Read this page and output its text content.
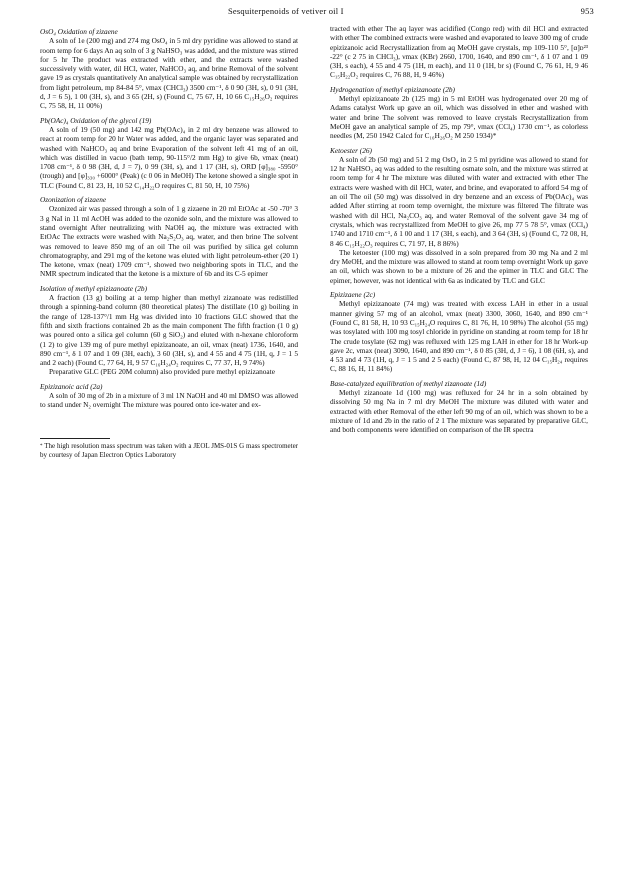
Sesquiterpenoids of vetiver oil I	953
OsO₄ Oxidation of zizaene

A soln of 1e (200 mg) and 274 mg OsO₄ in 5 ml dry pyridine was allowed to stand at room temp for 6 days An aq soln of 3 g NaHSO₃ was added, and the mixture was stirred for 5 hr The product was extracted with ether, and the extracts were washed successively with water, dil HCl, water, NaHCO₃ aq, and brine Removal of the solvent gave 19 as crystals quantitatively An analytical sample was obtained by recrystallization from light petroleum, mp 84-84 5°, νmax (CHCl₃) 3500 cm⁻¹, δ 0 90 (3H, s), 0 91 (3H, d, J = 6 5), 1 00 (3H, s), and 3 65 (2H, s) (Found C, 75 67, H, 10 66 C₁₅H₂₆O₂ requires C, 75 58, H, 11 00%)

Pb(OAc)₄ Oxidation of the glycol (19)

A soln of 19 (50 mg) and 142 mg Pb(OAc)₄ in 2 ml dry benzene was allowed to react at room temp for 20 hr Water was added, and the organic layer was separated and washed with NaHCO₃ aq and brine Evaporation of the solvent left 41 mg of an oil, which was distilled in vacuo (bath temp, 90-115°/2 mm Hg) to give 6b, νmax (neat) 1708 cm⁻¹, δ 0 98 (3H, d, J = 7), 0 99 (3H, s), and 1 17 (3H, s), ORD [φ]₃₈₀ -5950° (trough) and [φ]₃₃₀ +6000° (Peak) (c 0 06 in MeOH) The ketone showed a single spot in TLC (Found C, 81 23, H, 10 52 C₁₄H₂₂O requires C, 81 50, H, 10 75%)

Ozonization of zizaene

Ozonized air was passed through a soln of 1 g zizaene in 20 ml EtOAc at -50 -70° 3 3 g NaI in 11 ml AcOH was added to the ozonide soln, and the mixture was allowed to stand overnight After neutralizing with NaOH aq, the mixture was extracted with EtOAc The extracts were washed with Na₂S₂O₃ aq, water, and then brine The solvent was removed to leave 850 mg of an oil The oil was purified by silica gel column chromatography, and 291 mg of the ketone was eluted with light petroleum-ether (20 1) The ketone, νmax (neat) 1709 cm⁻¹, showed two neighboring spots in TLC, and the NMR spectrum indicated that the ketone is a mixture of 6b and its C-5 epimer

Isolation of methyl epizizanoate (2b)

A fraction (13 g) boiling at a temp higher than methyl zizanoate was redistilled through a spinning-band column (80 theoretical plates) The distillate (10 g) boiling in the range of 128-137°/1 mm Hg was divided into 10 fractions GLC showed that the fifth and sixth fractions contained 2b as the main component The fifth fraction (1 0 g) was poured onto a silica gel column (60 g SiO₂) and eluted with n-hexane chloroform (1 2) to give 139 mg of pure methyl epizizanoate, an oil, νmax (neat) 1736, 1640, and 890 cm⁻¹, δ 1 07 and 1 09 (3H, each), 3 60 (3H, s), and 4 55 and 4 75 (1H, q, J = 1 5 and 2 each) (Found C, 77 64, H, 9 57 C₁₆H₂₄O₂ requires C, 77 37, H, 9 74%)

Preparative GLC (PEG 20M column) also provided pure methyl epizizanoate

Epizizanoic acid (2a)

A soln of 30 mg of 2b in a mixture of 3 ml 1N NaOH and 40 ml DMSO was allowed to stand under N₂ overnight The mixture was poured onto ice-water and ex-

* The high resolution mass spectrum was taken with a JEOL JMS-01S G mass spectrometer by courtesy of Japan Electron Optics Laboratory

tracted with ether The aq layer was acidified (Congo red) with dil HCl and extracted with ether The combined extracts were washed and evaporated to leave 300 mg of crude epizizanoic acid Recrystallization from aq MeOH gave crystals, mp 109-110 5°, [α]ᴅ²³ -22° (c 2 75 in CHCl₃), νmax (KBr) 2660, 1700, 1640, and 890 cm⁻¹, δ 1 07 and 1 09 (3H, s each), 4 55 and 4 75 (1H, m each), and 11 0 (1H, br s) (Found C, 76 61, H, 9 46 C₁₅H₂₂O₂ requires C, 76 88, H, 9 46%)

Hydrogenation of methyl epizizanoate (2b)

Methyl epizizanoate 2b (125 mg) in 5 ml EtOH was hydrogenated over 20 mg of Adams catalyst Work up gave an oil, which was dissolved in ether and washed with water and brine The solvent was removed to leave crystals Recrystallization from MeOH gave an analytical sample of 25, mp 79°, νmax (CCl₄) 1730 cm⁻¹, as colorless needles (M, 250 1942 Calcd for C₁₆H₂₆O₂ M 250 1934)*

Ketoester (26)

A soln of 2b (50 mg) and 51 2 mg OsO₄ in 2 5 ml pyridine was allowed to stand for 12 hr NaHSO₃ aq was added to the resulting osmate soln, and the mixture was stirred at room temp for 4 hr The mixture was diluted with water and extracted with ether The extracts were washed with dil HCl, water, and brine, and evaporated to afford 54 mg of an oil The oil (50 mg) was dissolved in dry benzene and an excess of Pb(OAc)₄ was added After stirring at room temp overnight, the mixture was filtered The filtrate was washed with dil HCl, Na₂CO₃ aq, and water Removal of the solvent gave 34 mg of crystals, which was recrystallized from MeOH to give 26, mp 77 5 78 5°, νmax (CCl₄) 1740 and 1710 cm⁻¹, δ 1 00 and 1 17 (3H, s each), and 3 64 (3H, s) (Found C, 72 08, H, 8 46 C₁₅H₂₂O₃ requires C, 71 97, H, 8 86%)

The ketoester (100 mg) was dissolved in a soln prepared from 30 mg Na and 2 ml dry MeOH, and the mixture was allowed to stand at room temp overnight Work up gave an oil, which was shown to be a mixture of 26 and the epimer in TLC and GLC The epimer, however, was not identical with 6a as indicated by TLC and GLC

Epizizaene (2c)

Methyl epizizanoate (74 mg) was treated with excess LAH in ether in a usual manner giving 57 mg of an alcohol, νmax (neat) 3300, 3060, 1640, and 890 cm⁻¹ (Found C, 81 58, H, 10 93 C₁₅H₂₄O requires C, 81 76, H, 10 98%) The alcohol (55 mg) was tosylated with 100 mg tosyl chloride in pyridine on standing at room temp for 18 hr The crude tosylate (62 mg) was refluxed with 125 mg LAH in ether for 18 hr Work-up gave 2c, νmax (neat) 3090, 1640, and 890 cm⁻¹, δ 0 85 (3H, d, J = 6), 1 08 (6H, s), and 4 53 and 4 73 (1H, q, J = 1 5 and 2 5 each) (Found C, 87 98, H, 12 04 C₁₅H₂₄ requires C, 88 16, H, 11 84%)

Base-catalyzed equilibration of methyl zizanoate (1d)

Methyl zizanoate 1d (100 mg) was refluxed for 24 hr in a soln obtained by dissolving 50 mg Na in 7 ml dry MeOH The mixture was diluted with water and extracted with ether Removal of the ether left 90 mg of an oil, which was shown to be a mixture of 1d and 2b in the ratio of 2 1 The mixture was separated by preparative GLC, and both components were identified on comparison of the IR spectra
